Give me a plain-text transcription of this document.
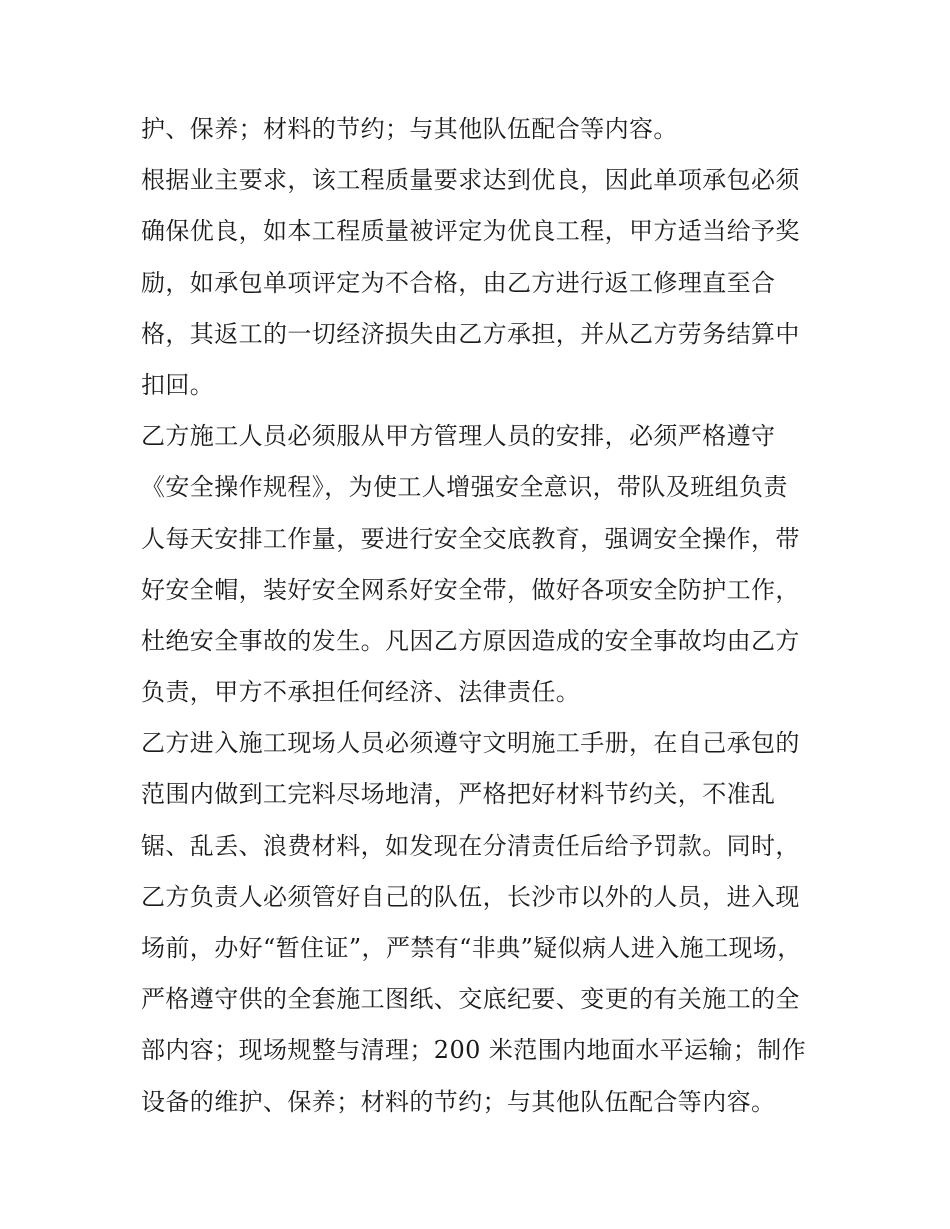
护、保养；材料的节约；与其他队伍配合等内容。
根据业主要求，该工程质量要求达到优良，因此单项承包必须
确保优良，如本工程质量被评定为优良工程，甲方适当给予奖
励，如承包单项评定为不合格，由乙方进行返工修理直至合
格，其返工的一切经济损失由乙方承担，并从乙方劳务结算中
扣回。
乙方施工人员必须服从甲方管理人员的安排，必须严格遵守
《安全操作规程》，为使工人增强安全意识，带队及班组负责
人每天安排工作量，要进行安全交底教育，强调安全操作，带
好安全帽，装好安全网系好安全带，做好各项安全防护工作，
杜绝安全事故的发生。凡因乙方原因造成的安全事故均由乙方
负责，甲方不承担任何经济、法律责任。
乙方进入施工现场人员必须遵守文明施工手册，在自己承包的
范围内做到工完料尽场地清，严格把好材料节约关，不准乱
锯、乱丢、浪费材料，如发现在分清责任后给予罚款。同时，
乙方负责人必须管好自己的队伍，长沙市以外的人员，进入现
场前，办好“暂住证”，严禁有“非典”疑似病人进入施工现场，
严格遵守供的全套施工图纸、交底纪要、变更的有关施工的全
部内容；现场规整与清理；200 米范围内地面水平运输；制作
设备的维护、保养；材料的节约；与其他队伍配合等内容。
